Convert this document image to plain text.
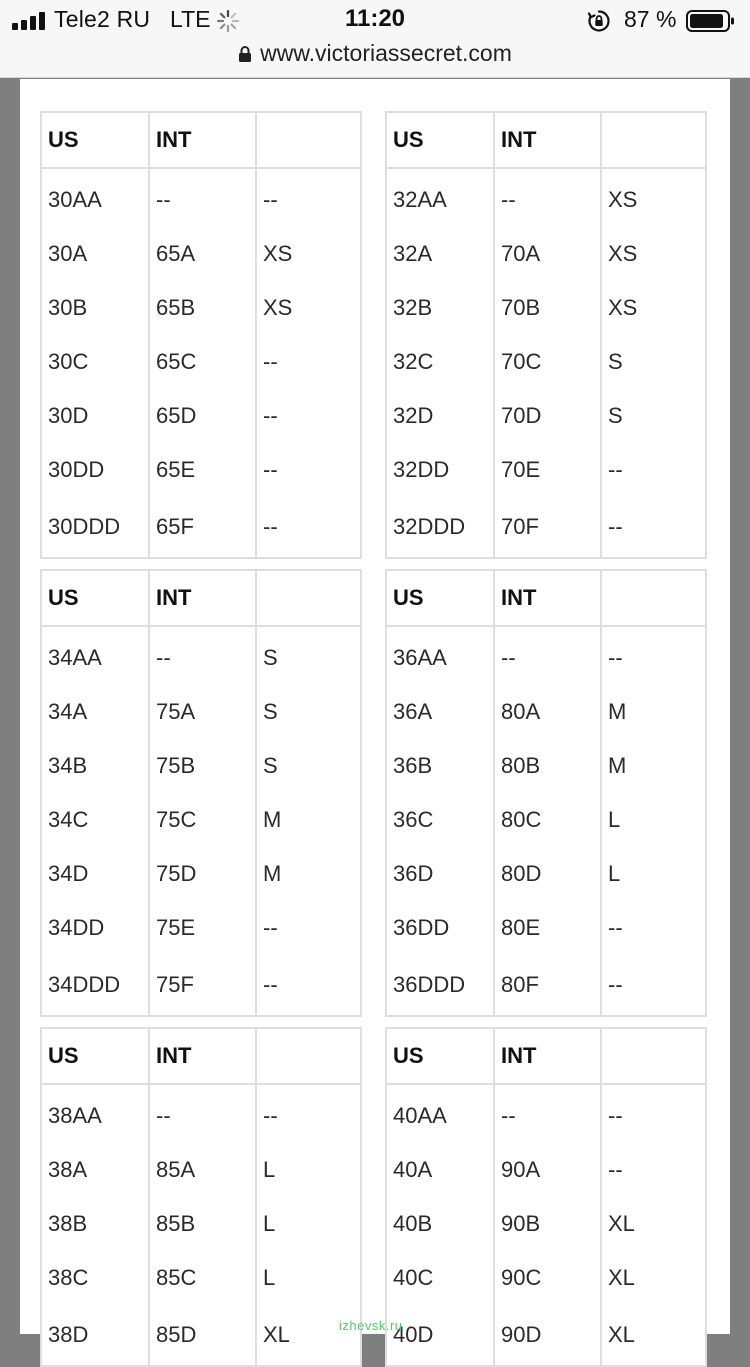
Tele2 RU LTE	11:20	87 %
www.victoriassecret.com
US	INT	
30AA	--	--
30A	65A	XS
30B	65B	XS
30C	65C	--
30D	65D	--
30DD	65E	--
30DDD	65F	--
US	INT	
32AA	--	XS
32A	70A	XS
32B	70B	XS
32C	70C	S
32D	70D	S
32DD	70E	--
32DDD	70F	--
US	INT	
34AA	--	S
34A	75A	S
34B	75B	S
34C	75C	M
34D	75D	M
34DD	75E	--
34DDD	75F	--
US	INT	
36AA	--	--
36A	80A	M
36B	80B	M
36C	80C	L
36D	80D	L
36DD	80E	--
36DDD	80F	--
US	INT	
38AA	--	--
38A	85A	L
38B	85B	L
38C	85C	L
38D	85D	XL
US	INT	
40AA	--	--
40A	90A	--
40B	90B	XL
40C	90C	XL
40D	90D	XL
izhevsk.ru
